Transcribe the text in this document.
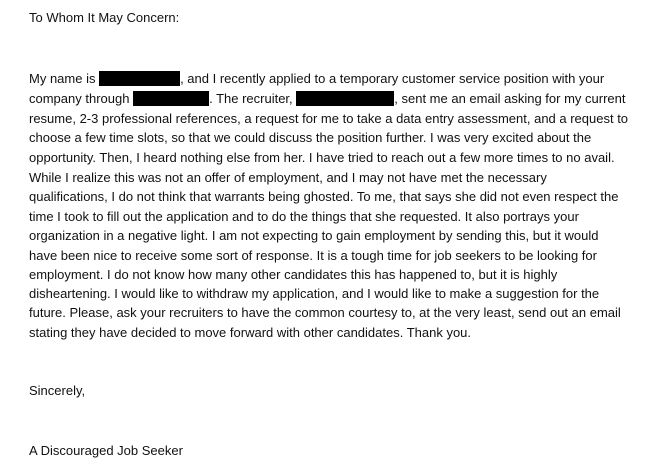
To Whom It May Concern:
My name is	, and I recently applied to a temporary customer service position with your
company through	. The recruiter,	, sent me an email asking for my current
resume, 2-3 professional references, a request for me to take a data entry assessment, and a request to
choose a few time slots, so that we could discuss the position further. I was very excited about the
opportunity. Then, I heard nothing else from her. I have tried to reach out a few more times to no avail.
While I realize this was not an offer of employment, and I may not have met the necessary
qualifications, I do not think that warrants being ghosted. To me, that says she did not even respect the
time I took to fill out the application and to do the things that she requested. It also portrays your
organization in a negative light. I am not expecting to gain employment by sending this, but it would
have been nice to receive some sort of response. It is a tough time for job seekers to be looking for
employment. I do not know how many other candidates this has happened to, but it is highly
disheartening. I would like to withdraw my application, and I would like to make a suggestion for the
future. Please, ask your recruiters to have the common courtesy to, at the very least, send out an email
stating they have decided to move forward with other candidates. Thank you.
Sincerely,
A Discouraged Job Seeker
